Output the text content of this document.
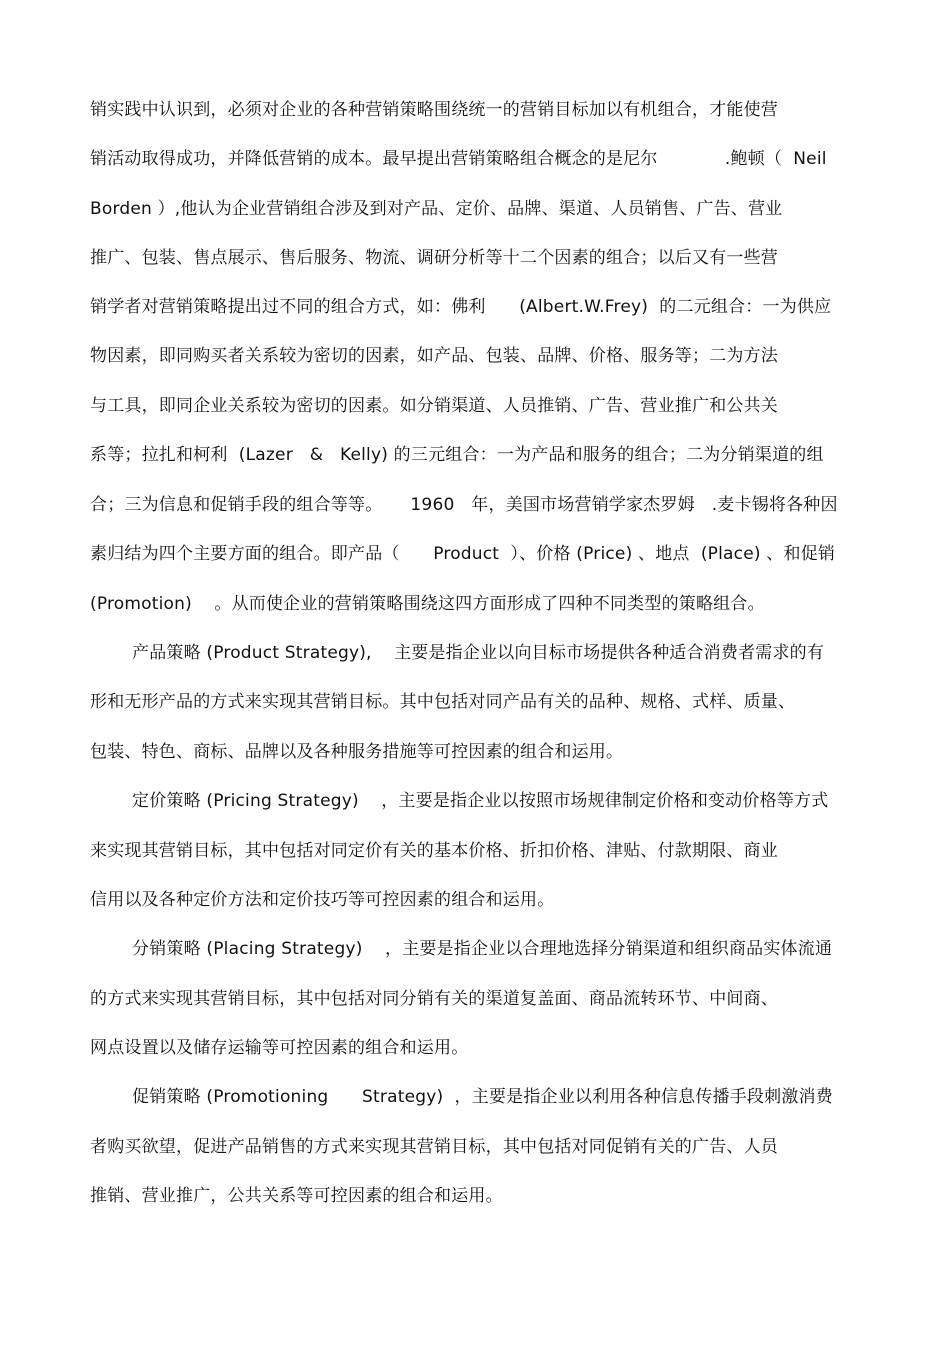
销实践中认识到，必须对企业的各种营销策略围绕统一的营销目标加以有机组合，才能使营
销活动取得成功，并降低营销的成本。最早提出营销策略组合概念的是尼尔            .鲍顿（  Neil
Borden ）,他认为企业营销组合涉及到对产品、定价、品牌、渠道、人员销售、广告、营业
推广、包装、售点展示、售后服务、物流、调研分析等十二个因素的组合；以后又有一些营
销学者对营销策略提出过不同的组合方式，如：佛利      (Albert.W.Frey)  的二元组合：一为供应
物因素，即同购买者关系较为密切的因素，如产品、包装、品牌、价格、服务等；二为方法
与工具，即同企业关系较为密切的因素。如分销渠道、人员推销、广告、营业推广和公共关
系等；拉扎和柯利  (Lazer   &   Kelly) 的三元组合：一为产品和服务的组合；二为分销渠道的组
合；三为信息和促销手段的组合等等。     1960   年，美国市场营销学家杰罗姆   .麦卡锡将各种因
素归结为四个主要方面的组合。即产品（      Product  ）、价格 (Price) 、地点  (Place) 、和促销
(Promotion)    。从而使企业的营销策略围绕这四方面形成了四种不同类型的策略组合。
产品策略 (Product Strategy),    主要是指企业以向目标市场提供各种适合消费者需求的有
形和无形产品的方式来实现其营销目标。其中包括对同产品有关的品种、规格、式样、质量、
包装、特色、商标、品牌以及各种服务措施等可控因素的组合和运用。
定价策略 (Pricing Strategy)    ，主要是指企业以按照市场规律制定价格和变动价格等方式
来实现其营销目标，其中包括对同定价有关的基本价格、折扣价格、津贴、付款期限、商业
信用以及各种定价方法和定价技巧等可控因素的组合和运用。
分销策略 (Placing Strategy)    ，主要是指企业以合理地选择分销渠道和组织商品实体流通
的方式来实现其营销目标，其中包括对同分销有关的渠道复盖面、商品流转环节、中间商、
网点设置以及储存运输等可控因素的组合和运用。
促销策略 (Promotioning      Strategy)  ，主要是指企业以利用各种信息传播手段刺激消费
者购买欲望，促进产品销售的方式来实现其营销目标，其中包括对同促销有关的广告、人员
推销、营业推广，公共关系等可控因素的组合和运用。
